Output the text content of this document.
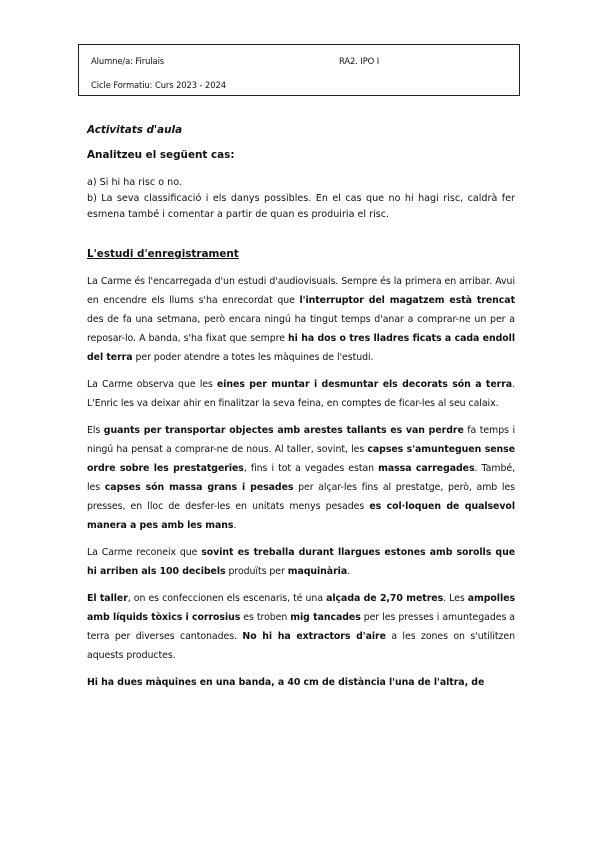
Alumne/a: Firulais	RA2. IPO I
Cicle Formatiu: Curs 2023 - 2024
Activitats d'aula
Analitzeu el següent cas:

a) Si hi ha risc o no.

b) La seva classificació i els danys possibles. En el cas que no hi hagi risc, caldrà fer esmena també i comentar a partir de quan es produiria el risc.

L'estudi d'enregistrament

La Carme és l'encarregada d'un estudi d'audiovisuals. Sempre és la primera en arribar. Avui en encendre els llums s'ha enrecordat que l'interruptor del magatzem està trencat des de fa una setmana, però encara ningú ha tingut temps d'anar a comprar-ne un per a reposar-lo. A banda, s'ha fixat que sempre hi ha dos o tres lladres ficats a cada endoll del terra per poder atendre a totes les màquines de l'estudi.

La Carme observa que les eines per muntar i desmuntar els decorats són a terra. L'Enric les va deixar ahir en finalitzar la seva feina, en comptes de ficar-les al seu calaix.

Els guants per transportar objectes amb arestes tallants es van perdre fa temps i ningú ha pensat a comprar-ne de nous. Al taller, sovint, les capses s'amunteguen sense ordre sobre les prestatgeries, fins i tot a vegades estan massa carregades. També, les capses són massa grans i pesades per alçar-les fins al prestatge, però, amb les presses, en lloc de desfer-les en unitats menys pesades es col·loquen de qualsevol manera a pes amb les mans.

La Carme reconeix que sovint es treballa durant llargues estones amb sorolls que hi arriben als 100 decibels produïts per maquinària.

El taller, on es confeccionen els escenaris, té una alçada de 2,70 metres. Les ampolles amb líquids tòxics i corrosius es troben mig tancades per les presses i amuntegades a terra per diverses cantonades. No hi ha extractors d'aire a les zones on s'utilitzen aquests productes.

Hi ha dues màquines en una banda, a 40 cm de distància l'una de l'altra, de
